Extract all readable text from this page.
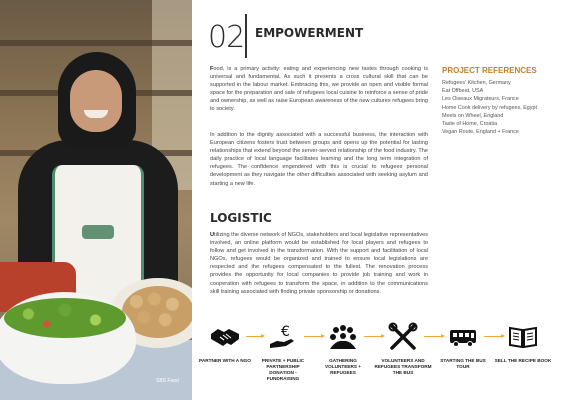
SBS Food
02 EMPOWERMENT

Food, is a primary activity: eating and experiencing new tastes through cooking is universal and fundamental. As such it presents a cross cultural skill that can be supported in the labour market. Embracing this, we provide an open and visible formal space for the preparation and sale of refugees local cuisine to reinforce a sense of pride and ownership, as well as raise European awareness of the new cultures refugees bring to society.

In addition to the dignity associated with a successful business, the interaction with European citizens fosters trust between groups and opens up the potential for lasting relationships that extend beyond the server-served relationship of the food industry. The daily practice of local language facilitates learning and the long term integration of refugees. The confidence engendered with this is crucial to refugees personal development as they navigate the other difficulties associated with seeking asylum and starting a new life.

LOGISTIC

Utilizing the diverse network of NGOs, stakeholders and local legislative representatives involved, an online platform would be established for local players and refugees to follow and get involved in the transformation. With the support and facilitation of local NGOs, refugees would be organized and trained to ensure local legislations are respected and the refugees compensated to the fullest. The renovation process provides the opportunity for local companies to provide job training and work in cooperation with refugees to transform the space, in addition to the communications skill training associated with finding private sponsorship or donations.

PROJECT REFERENCES
Refugees' Kitchen, Germany
Eat Offbeat, USA
Les Oiseaux Migrateurs, France
Home Cook delivery by refugees, Egypt
Meels on Wheel, England
Taste of Home, Croatia
Vegan Route, England + France
PARTNER WITH A NGO
€
PRIVATE + PUBLIC PARTNERSHIP DONATION - FUNDRAISING
GATHERING VOLUNTEERS + REFUGEES
VOLUNTEERS AND REFUGEES TRANSFORM THE BUS
STARTING THE BUS TOUR
SELL THE RECIPE BOOK
